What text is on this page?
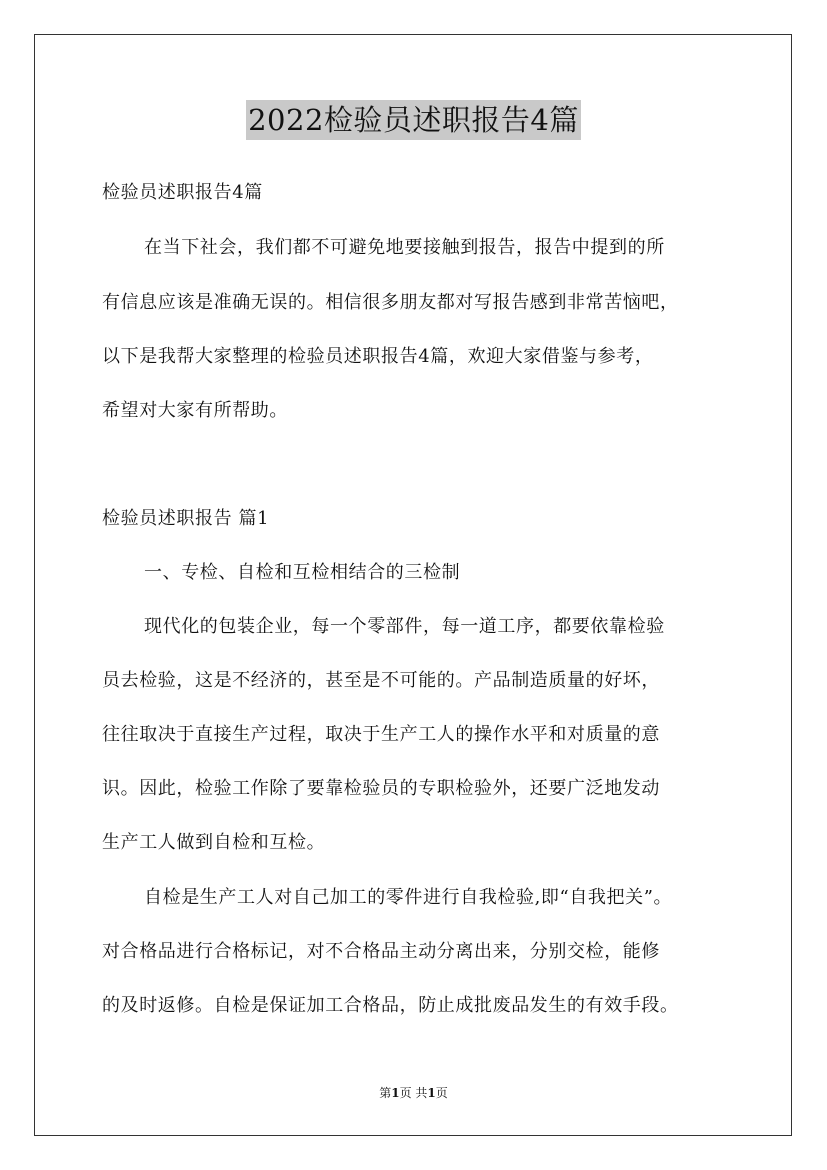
2022检验员述职报告4篇
检验员述职报告4篇
在当下社会，我们都不可避免地要接触到报告，报告中提到的所
有信息应该是准确无误的。相信很多朋友都对写报告感到非常苦恼吧，
以下是我帮大家整理的检验员述职报告4篇，欢迎大家借鉴与参考，
希望对大家有所帮助。
检验员述职报告 篇1
一、专检、自检和互检相结合的三检制
现代化的包装企业，每一个零部件，每一道工序，都要依靠检验
员去检验，这是不经济的，甚至是不可能的。产品制造质量的好坏，
往往取决于直接生产过程，取决于生产工人的操作水平和对质量的意
识。因此，检验工作除了要靠检验员的专职检验外，还要广泛地发动
生产工人做到自检和互检。
自检是生产工人对自己加工的零件进行自我检验,即“自我把关”。
对合格品进行合格标记，对不合格品主动分离出来，分别交检，能修
的及时返修。自检是保证加工合格品，防止成批废品发生的有效手段。
第1页 共1页
